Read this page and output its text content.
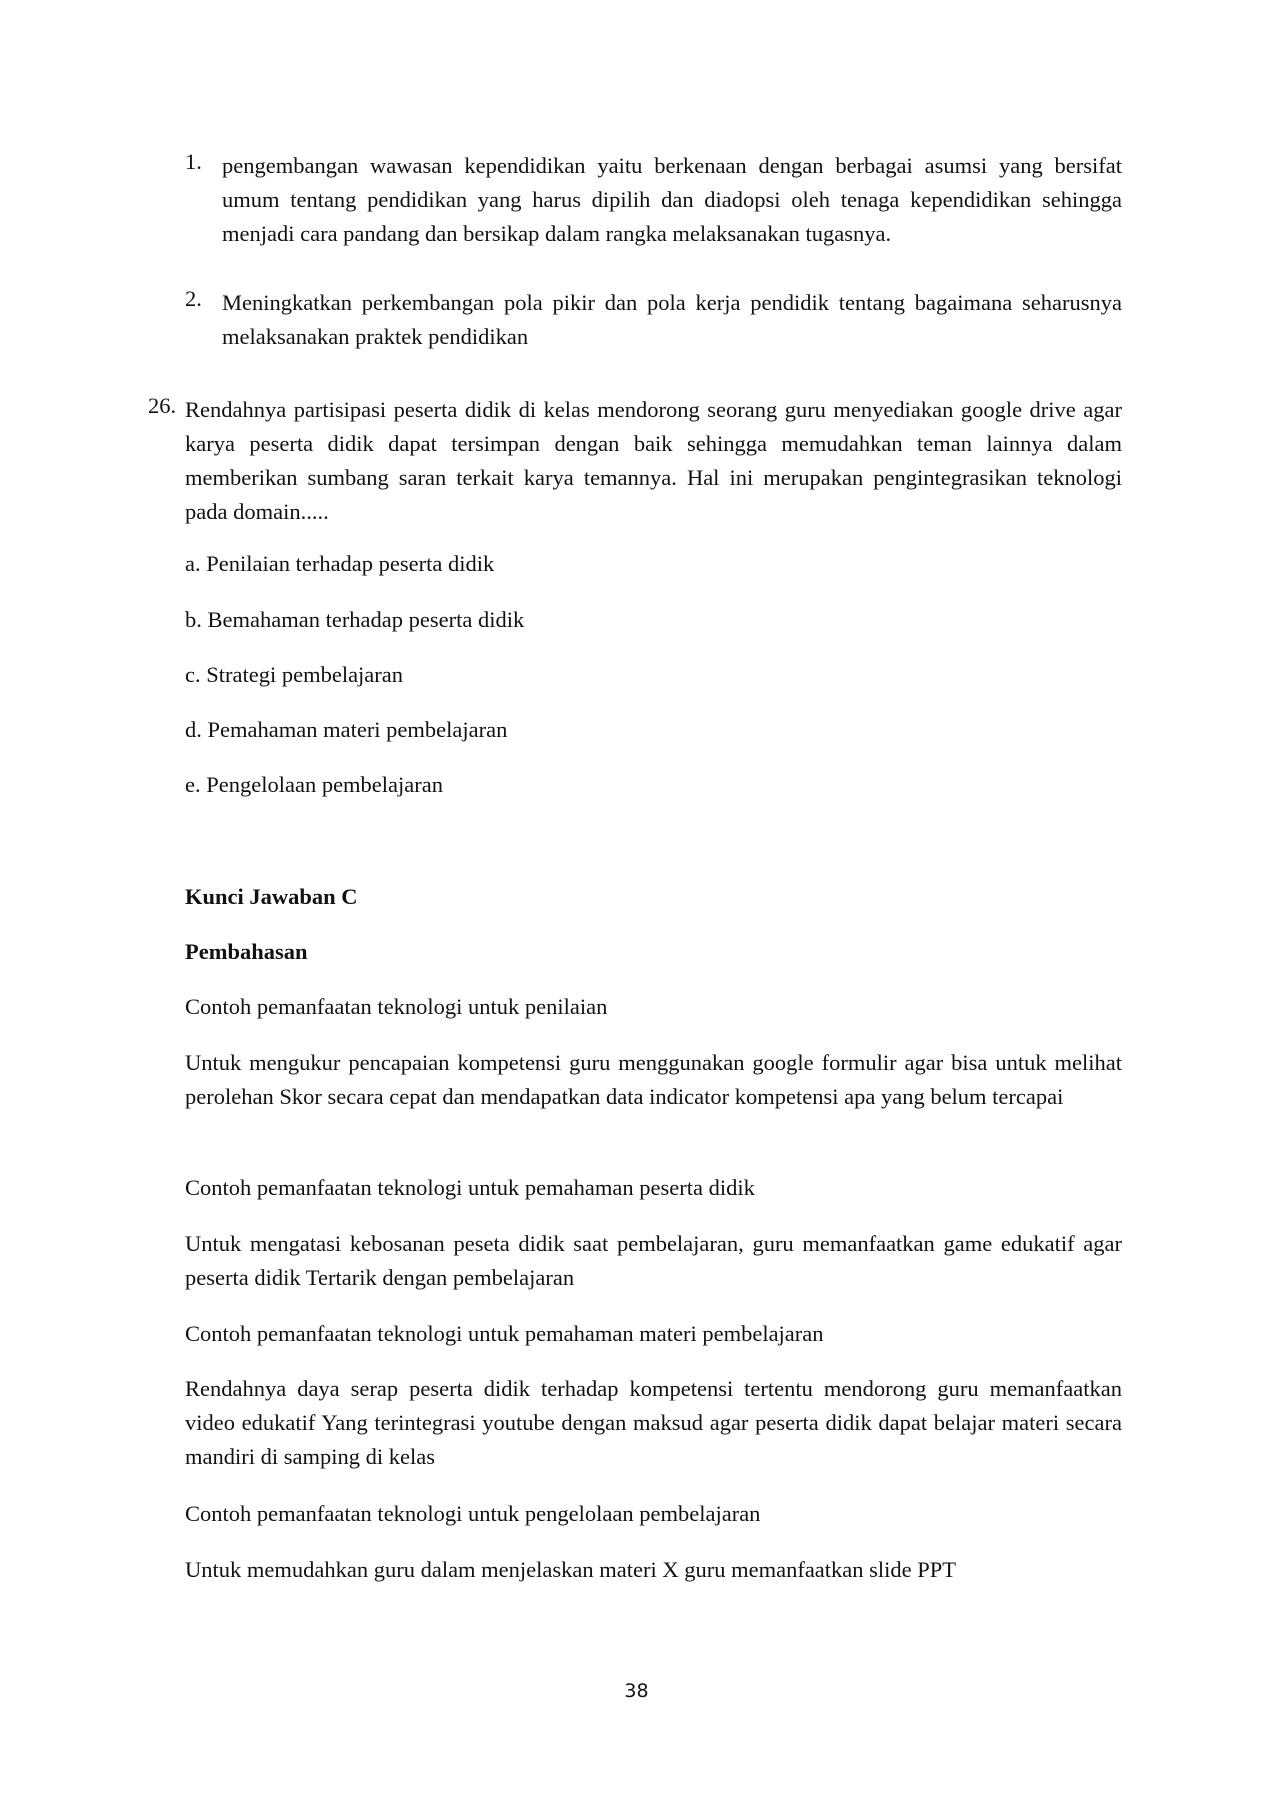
1. pengembangan wawasan kependidikan yaitu berkenaan dengan berbagai asumsi yang bersifat umum tentang pendidikan yang harus dipilih dan diadopsi oleh tenaga kependidikan sehingga menjadi cara pandang dan bersikap dalam rangka melaksanakan tugasnya.

2. Meningkatkan perkembangan pola pikir dan pola kerja pendidik tentang bagaimana seharusnya melaksanakan praktek pendidikan

26. Rendahnya partisipasi peserta didik di kelas mendorong seorang guru menyediakan google drive agar karya peserta didik dapat tersimpan dengan baik sehingga memudahkan teman lainnya dalam memberikan sumbang saran terkait karya temannya. Hal ini merupakan pengintegrasikan teknologi pada domain.....

a. Penilaian terhadap peserta didik

b. Bemahaman terhadap peserta didik

c. Strategi pembelajaran

d. Pemahaman materi pembelajaran

e. Pengelolaan pembelajaran

Kunci Jawaban C

Pembahasan

Contoh pemanfaatan teknologi untuk penilaian

Untuk mengukur pencapaian kompetensi guru menggunakan google formulir agar bisa untuk melihat perolehan Skor secara cepat dan mendapatkan data indicator kompetensi apa yang belum tercapai

Contoh pemanfaatan teknologi untuk pemahaman peserta didik

Untuk mengatasi kebosanan peseta didik saat pembelajaran, guru memanfaatkan game edukatif agar peserta didik Tertarik dengan pembelajaran

Contoh pemanfaatan teknologi untuk pemahaman materi pembelajaran

Rendahnya daya serap peserta didik terhadap kompetensi tertentu mendorong guru memanfaatkan video edukatif Yang terintegrasi youtube dengan maksud agar peserta didik dapat belajar materi secara mandiri di samping di kelas

Contoh pemanfaatan teknologi untuk pengelolaan pembelajaran

Untuk memudahkan guru dalam menjelaskan materi X guru memanfaatkan slide PPT

38
